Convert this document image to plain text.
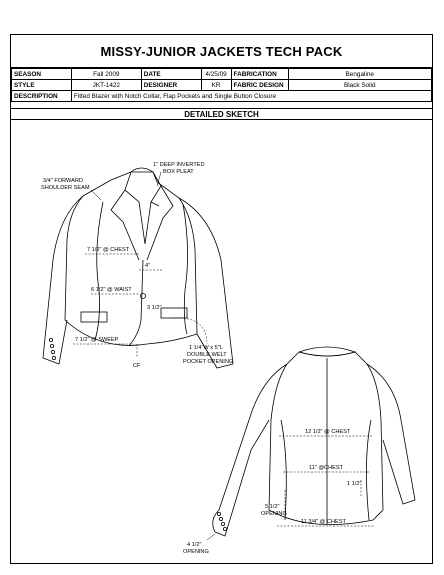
MISSY-JUNIOR JACKETS TECH PACK
SEASON	Fall 2009	DATE	4/25/09	FABRICATION	Bengaline
STYLE	JKT-1422	DESIGNER	KR	FABRIC DESIGN	Black Solid
DESCRIPTION	Fitted Blazer with Notch Collar, Flap Pockets and Single Button Closure				
DETAILED SKETCH
3/4" FORWARD
SHOULDER SEAM
1" DEEP INVERTED
BOX PLEAT
7 1/2" @ CHEST
4"
6 1/2" @ WAIST
3 1/2"
7 1/2" @ SWEEP
CF
1 1/4"W x 5"L
DOUBLE WELT
POCKET OPENING
12 1/2" @ CHEST
11" @CHEST
1 1/2"
5 1/2"
OPENING
11 3/4" @ CHEST
4 1/2"
OPENING
